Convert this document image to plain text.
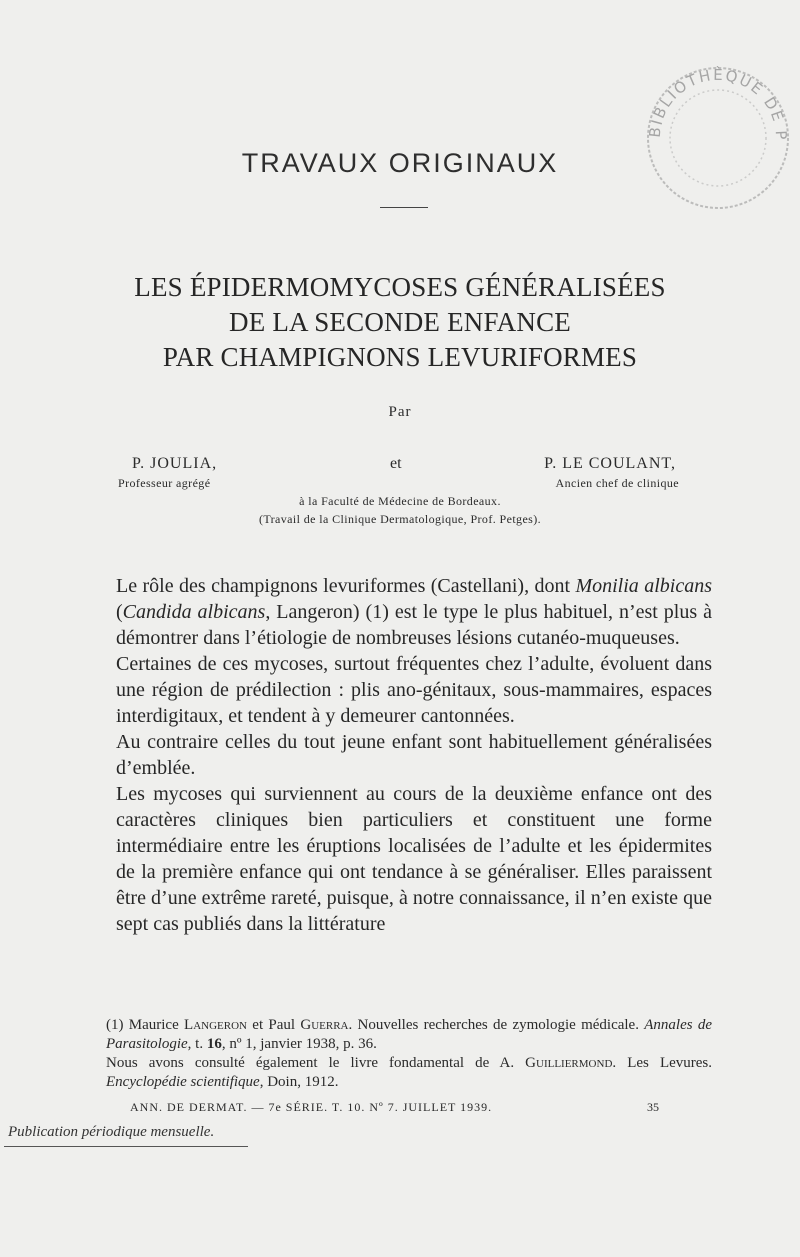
TRAVAUX ORIGINAUX
LES ÉPIDERMOMYCOSES GÉNÉRALISÉES
DE LA SECONDE ENFANCE
PAR CHAMPIGNONS LEVURIFORMES
Par
P. JOULIA,	et	P. LE COULANT,
Professeur agrégé	Ancien chef de clinique
à la Faculté de Médecine de Bordeaux.
(Travail de la Clinique Dermatologique, Prof. Petges).

Le rôle des champignons levuriformes (Castellani), dont Monilia albicans (Candida albicans, Langeron) (1) est le type le plus habituel, n’est plus à démontrer dans l’étiologie de nombreuses lésions cutanéo-muqueuses.

Certaines de ces mycoses, surtout fréquentes chez l’adulte, évoluent dans une région de prédilection : plis ano-génitaux, sous-mammaires, espaces interdigitaux, et tendent à y demeurer cantonnées.

Au contraire celles du tout jeune enfant sont habituellement généralisées d’emblée.

Les mycoses qui surviennent au cours de la deuxième enfance ont des caractères cliniques bien particuliers et constituent une forme intermédiaire entre les éruptions localisées de l’adulte et les épidermites de la première enfance qui ont tendance à se généraliser. Elles paraissent être d’une extrême rareté, puisque, à notre connaissance, il n’en existe que sept cas publiés dans la littérature

(1) Maurice Langeron et Paul Guerra. Nouvelles recherches de zymologie médicale. Annales de Parasitologie, t. 16, nº 1, janvier 1938, p. 36.

Nous avons consulté également le livre fondamental de A. Guilliermond. Les Levures. Encyclopédie scientifique, Doin, 1912.

ANN. DE DERMAT. — 7e SÉRIE. T. 10. Nº 7. JUILLET 1939.	35
Publication périodique mensuelle.
BIBLIOTHÈQUE DE P
